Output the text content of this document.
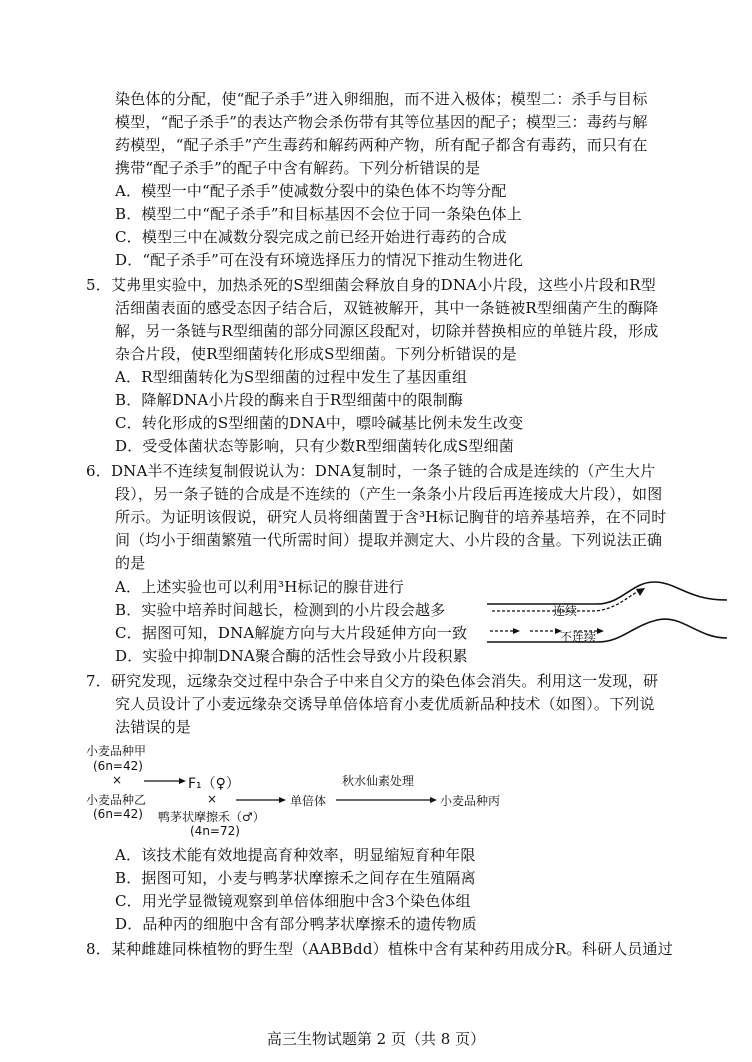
染色体的分配，使“配子杀手”进入卵细胞，而不进入极体；模型二：杀手与目标
模型，“配子杀手”的表达产物会杀伤带有其等位基因的配子；模型三：毒药与解
药模型，“配子杀手”产生毒药和解药两种产物，所有配子都含有毒药，而只有在
携带“配子杀手”的配子中含有解药。下列分析错误的是
A．模型一中“配子杀手”使减数分裂中的染色体不均等分配
B．模型二中“配子杀手”和目标基因不会位于同一条染色体上
C．模型三中在减数分裂完成之前已经开始进行毒药的合成
D．“配子杀手”可在没有环境选择压力的情况下推动生物进化
5．艾弗里实验中，加热杀死的S型细菌会释放自身的DNA小片段，这些小片段和R型
活细菌表面的感受态因子结合后，双链被解开，其中一条链被R型细菌产生的酶降
解，另一条链与R型细菌的部分同源区段配对，切除并替换相应的单链片段，形成
杂合片段，使R型细菌转化形成S型细菌。下列分析错误的是
A．R型细菌转化为S型细菌的过程中发生了基因重组
B．降解DNA小片段的酶来自于R型细菌中的限制酶
C．转化形成的S型细菌的DNA中，嘌呤碱基比例未发生改变
D．受受体菌状态等影响，只有少数R型细菌转化成S型细菌
6．DNA半不连续复制假说认为：DNA复制时，一条子链的合成是连续的（产生大片
段），另一条子链的合成是不连续的（产生一条条小片段后再连接成大片段），如图
所示。为证明该假说，研究人员将细菌置于含³H标记胸苷的培养基培养，在不同时
间（均小于细菌繁殖一代所需时间）提取并测定大、小片段的含量。下列说法正确
的是
A．上述实验也可以利用³H标记的腺苷进行
B．实验中培养时间越长，检测到的小片段会越多
C．据图可知，DNA解旋方向与大片段延伸方向一致
D．实验中抑制DNA聚合酶的活性会导致小片段积累
7．研究发现，远缘杂交过程中杂合子中来自父方的染色体会消失。利用这一发现，研
究人员设计了小麦远缘杂交诱导单倍体培育小麦优质新品种技术（如图）。下列说
法错误的是
A．该技术能有效地提高育种效率，明显缩短育种年限
B．据图可知，小麦与鸭茅状摩擦禾之间存在生殖隔离
C．用光学显微镜观察到单倍体细胞中含3个染色体组
D．品种丙的细胞中含有部分鸭茅状摩擦禾的遗传物质
8．某种雌雄同株植物的野生型（AABBdd）植株中含有某种药用成分R。科研人员通过
连续
不连续
小麦品种甲
(6n=42)
×
小麦品种乙
(6n=42)
F₁（♀）
×
鸭茅状摩擦禾（♂）
(4n=72)
单倍体
秋水仙素处理
小麦品种丙
高三生物试题第 2 页（共 8 页）
